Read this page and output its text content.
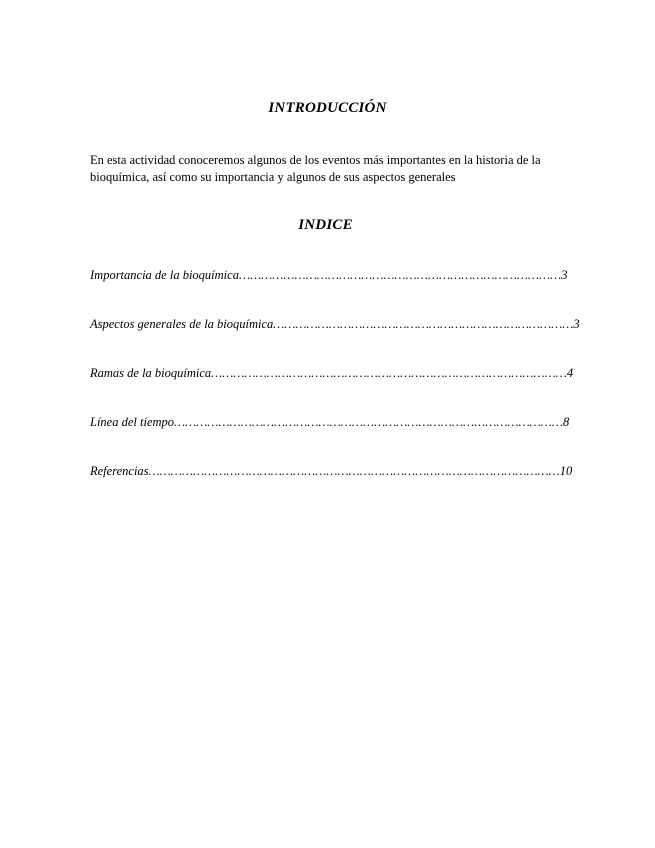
INTRODUCCIÓN

En esta actividad conoceremos algunos de los eventos más importantes en la historia de la

bioquímica, así como su importancia y algunos de sus aspectos generales

INDICE
Importancia de la bioquímica……………………………………………………………………………3
Aspectos generales de la bioquímica………………………………………………………………………3
Ramas de la bioquímica……………………………………………………………………………………4
Línea del tiempo……………………………………………………………………………………………8
Referencias…………………………………………………………………………………………………10
